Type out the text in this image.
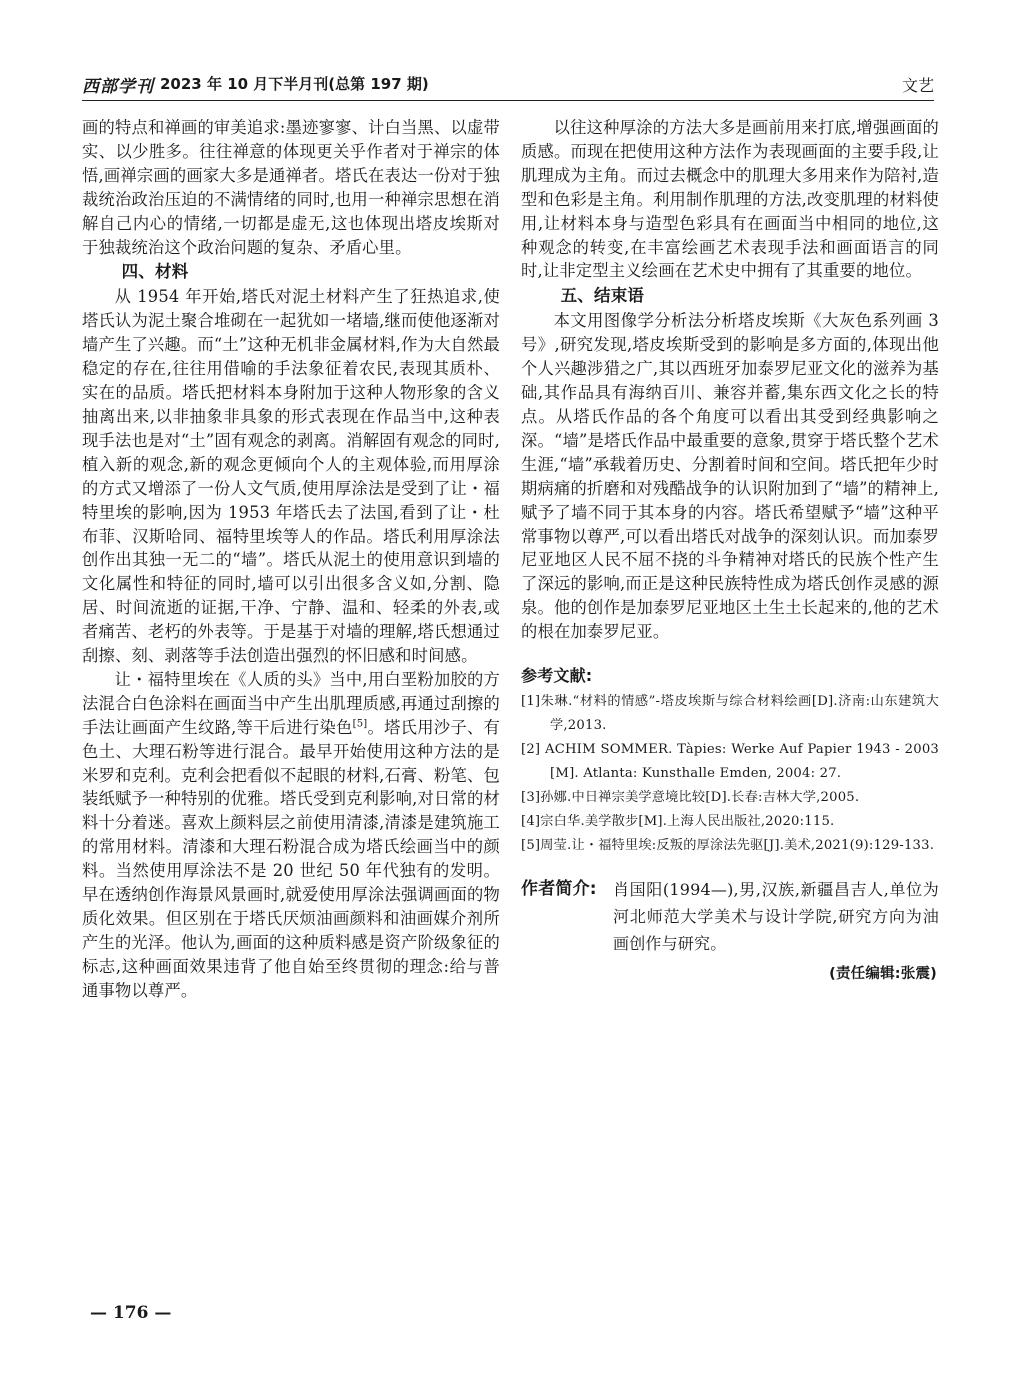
西部学刊 2023 年 10 月下半月刊(总第 197 期)	文艺

画的特点和禅画的审美追求:墨迹寥寥、计白当黑、以虚带实、以少胜多。往往禅意的体现更关乎作者对于禅宗的体悟,画禅宗画的画家大多是通禅者。塔氏在表达一份对于独裁统治政治压迫的不满情绪的同时,也用一种禅宗思想在消解自己内心的情绪,一切都是虚无,这也体现出塔皮埃斯对于独裁统治这个政治问题的复杂、矛盾心里。

四、材料

从 1954 年开始,塔氏对泥土材料产生了狂热追求,使塔氏认为泥土聚合堆砌在一起犹如一堵墙,继而使他逐渐对墙产生了兴趣。而“土”这种无机非金属材料,作为大自然最稳定的存在,往往用借喻的手法象征着农民,表现其质朴、实在的品质。塔氏把材料本身附加于这种人物形象的含义抽离出来,以非抽象非具象的形式表现在作品当中,这种表现手法也是对“土”固有观念的剥离。消解固有观念的同时,植入新的观念,新的观念更倾向个人的主观体验,而用厚涂的方式又增添了一份人文气质,使用厚涂法是受到了让・福特里埃的影响,因为 1953 年塔氏去了法国,看到了让・杜布菲、汉斯哈同、福特里埃等人的作品。塔氏利用厚涂法创作出其独一无二的“墙”。塔氏从泥土的使用意识到墙的文化属性和特征的同时,墙可以引出很多含义如,分割、隐居、时间流逝的证据,干净、宁静、温和、轻柔的外表,或者痛苦、老朽的外表等。于是基于对墙的理解,塔氏想通过刮擦、刻、剥落等手法创造出强烈的怀旧感和时间感。

让・福特里埃在《人质的头》当中,用白垩粉加胶的方法混合白色涂料在画面当中产生出肌理质感,再通过刮擦的手法让画面产生纹路,等干后进行染色[5]。塔氏用沙子、有色土、大理石粉等进行混合。最早开始使用这种方法的是米罗和克利。克利会把看似不起眼的材料,石膏、粉笔、包装纸赋予一种特别的优雅。塔氏受到克利影响,对日常的材料十分着迷。喜欢上颜料层之前使用清漆,清漆是建筑施工的常用材料。清漆和大理石粉混合成为塔氏绘画当中的颜料。当然使用厚涂法不是 20 世纪 50 年代独有的发明。早在透纳创作海景风景画时,就爱使用厚涂法强调画面的物质化效果。但区别在于塔氏厌烦油画颜料和油画媒介剂所产生的光泽。他认为,画面的这种质料感是资产阶级象征的标志,这种画面效果违背了他自始至终贯彻的理念:给与普通事物以尊严。

以往这种厚涂的方法大多是画前用来打底,增强画面的质感。而现在把使用这种方法作为表现画面的主要手段,让肌理成为主角。而过去概念中的肌理大多用来作为陪衬,造型和色彩是主角。利用制作肌理的方法,改变肌理的材料使用,让材料本身与造型色彩具有在画面当中相同的地位,这种观念的转变,在丰富绘画艺术表现手法和画面语言的同时,让非定型主义绘画在艺术史中拥有了其重要的地位。

五、结束语

本文用图像学分析法分析塔皮埃斯《大灰色系列画 3 号》,研究发现,塔皮埃斯受到的影响是多方面的,体现出他个人兴趣涉猎之广,其以西班牙加泰罗尼亚文化的滋养为基础,其作品具有海纳百川、兼容并蓄,集东西文化之长的特点。从塔氏作品的各个角度可以看出其受到经典影响之深。“墙”是塔氏作品中最重要的意象,贯穿于塔氏整个艺术生涯,“墙”承载着历史、分割着时间和空间。塔氏把年少时期病痛的折磨和对残酷战争的认识附加到了“墙”的精神上,赋予了墙不同于其本身的内容。塔氏希望赋予“墙”这种平常事物以尊严,可以看出塔氏对战争的深刻认识。而加泰罗尼亚地区人民不屈不挠的斗争精神对塔氏的民族个性产生了深远的影响,而正是这种民族特性成为塔氏创作灵感的源泉。他的创作是加泰罗尼亚地区土生土长起来的,他的艺术的根在加泰罗尼亚。

参考文献:
[1]朱琳.“材料的情感”-塔皮埃斯与综合材料绘画[D].济南:山东建筑大学,2013.
[2] ACHIM SOMMER. Tàpies: Werke Auf Papier 1943 - 2003 [M]. Atlanta: Kunsthalle Emden, 2004: 27.
[3]孙娜.中日禅宗美学意境比较[D].长春:吉林大学,2005.
[4]宗白华.美学散步[M].上海人民出版社,2020:115.
[5]周莹.让・福特里埃:反叛的厚涂法先驱[J].美术,2021(9):129-133.
作者简介:	肖国阳(1994—),男,汉族,新疆昌吉人,单位为河北师范大学美术与设计学院,研究方向为油画创作与研究。
(责任编辑:张震)
— 176 —
